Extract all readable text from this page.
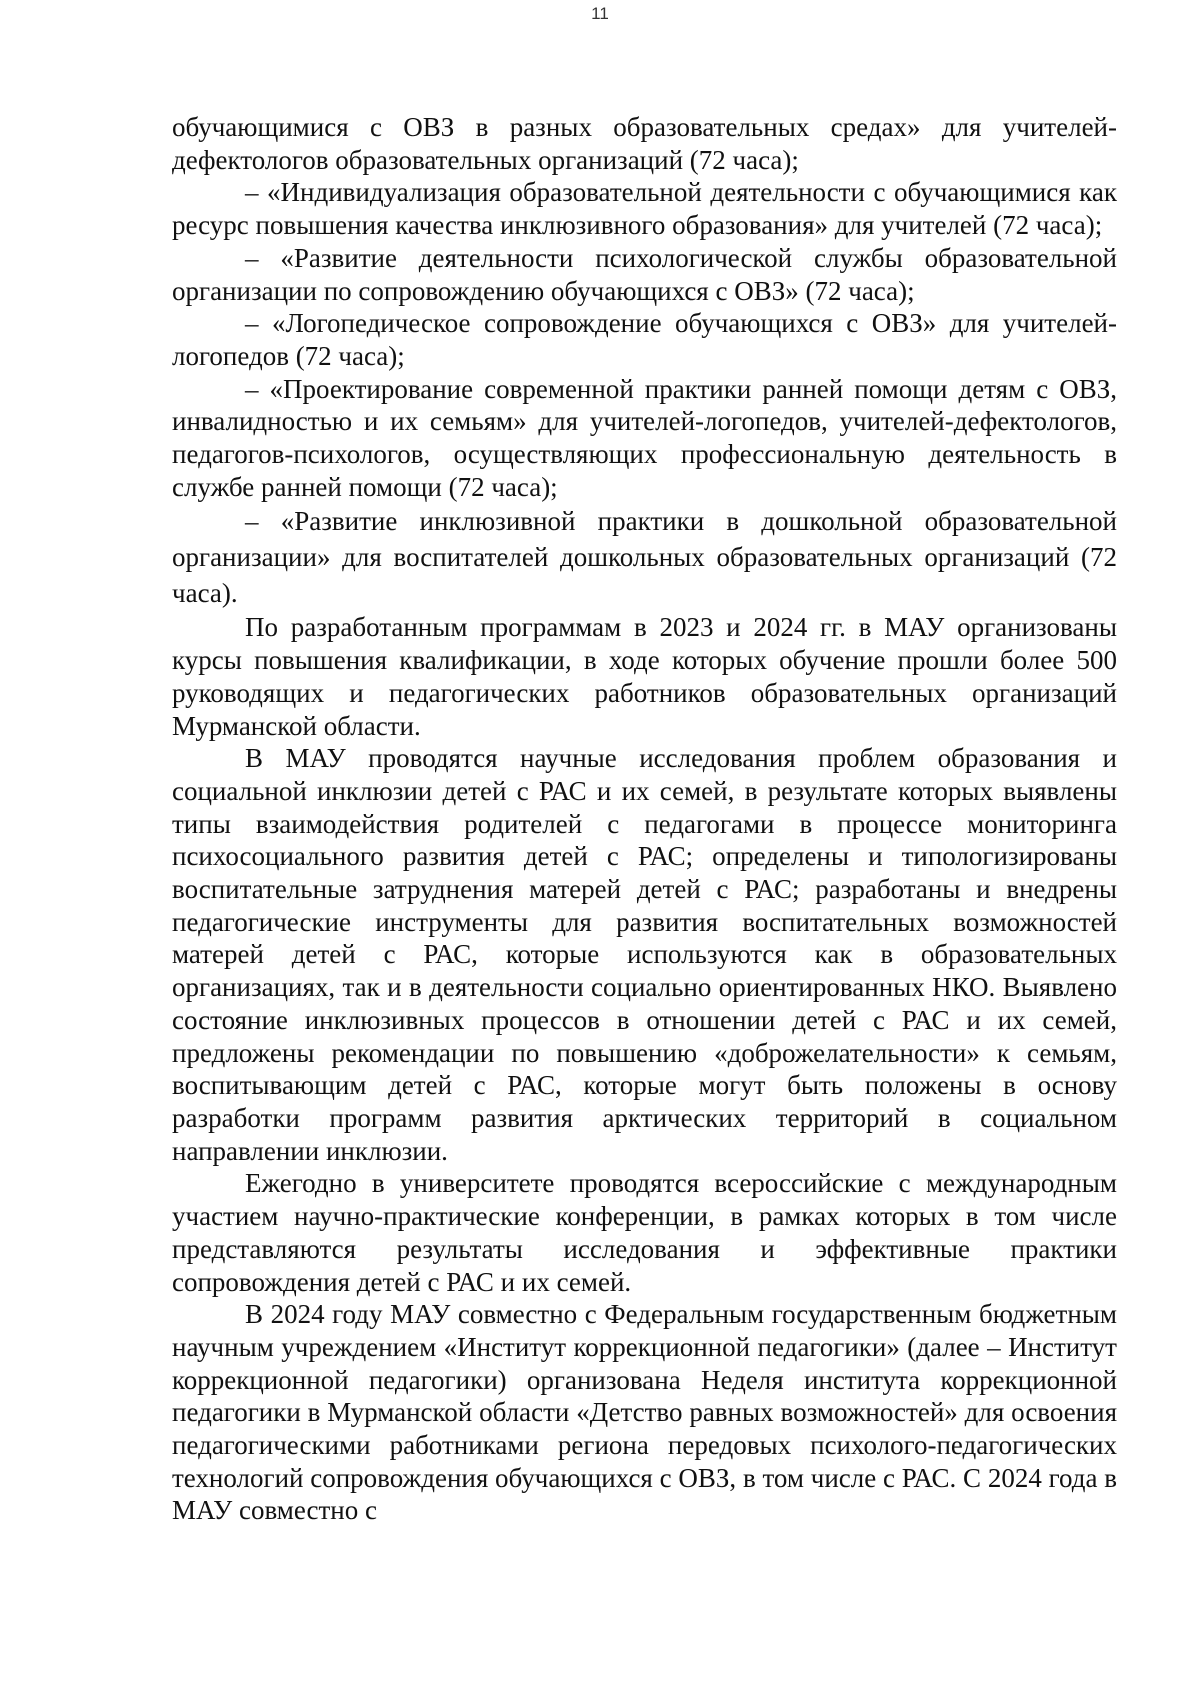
11

обучающимися с ОВЗ в разных образовательных средах» для учителей-дефектологов образовательных организаций (72 часа);

– «Индивидуализация образовательной деятельности с обучающимися как ресурс повышения качества инклюзивного образования» для учителей (72 часа);

– «Развитие деятельности психологической службы образовательной организации по сопровождению обучающихся с ОВЗ» (72 часа);

– «Логопедическое сопровождение обучающихся с ОВЗ» для учителей-логопедов (72 часа);

– «Проектирование современной практики ранней помощи детям с ОВЗ, инвалидностью и их семьям» для учителей-логопедов, учителей-дефектологов, педагогов-психологов, осуществляющих профессиональную деятельность в службе ранней помощи (72 часа);

– «Развитие инклюзивной практики в дошкольной образовательной организации» для воспитателей дошкольных образовательных организаций (72 часа).

По разработанным программам в 2023 и 2024 гг. в МАУ организованы курсы повышения квалификации, в ходе которых обучение прошли более 500 руководящих и педагогических работников образовательных организаций Мурманской области.

В МАУ проводятся научные исследования проблем образования и социальной инклюзии детей с РАС и их семей, в результате которых выявлены типы взаимодействия родителей с педагогами в процессе мониторинга психосоциального развития детей с РАС; определены и типологизированы воспитательные затруднения матерей детей с РАС; разработаны и внедрены педагогические инструменты для развития воспитательных возможностей матерей детей с РАС, которые используются как в образовательных организациях, так и в деятельности социально ориентированных НКО. Выявлено состояние инклюзивных процессов в отношении детей с РАС и их семей, предложены рекомендации по повышению «доброжелательности» к семьям, воспитывающим детей с РАС, которые могут быть положены в основу разработки программ развития арктических территорий в социальном направлении инклюзии.

Ежегодно в университете проводятся всероссийские с международным участием научно-практические конференции, в рамках которых в том числе представляются результаты исследования и эффективные практики сопровождения детей с РАС и их семей.

В 2024 году МАУ совместно с Федеральным государственным бюджетным научным учреждением «Институт коррекционной педагогики» (далее – Институт коррекционной педагогики) организована Неделя института коррекционной педагогики в Мурманской области «Детство равных возможностей» для освоения педагогическими работниками региона передовых психолого-педагогических технологий сопровождения обучающихся с ОВЗ, в том числе с РАС. С 2024 года в МАУ совместно с
